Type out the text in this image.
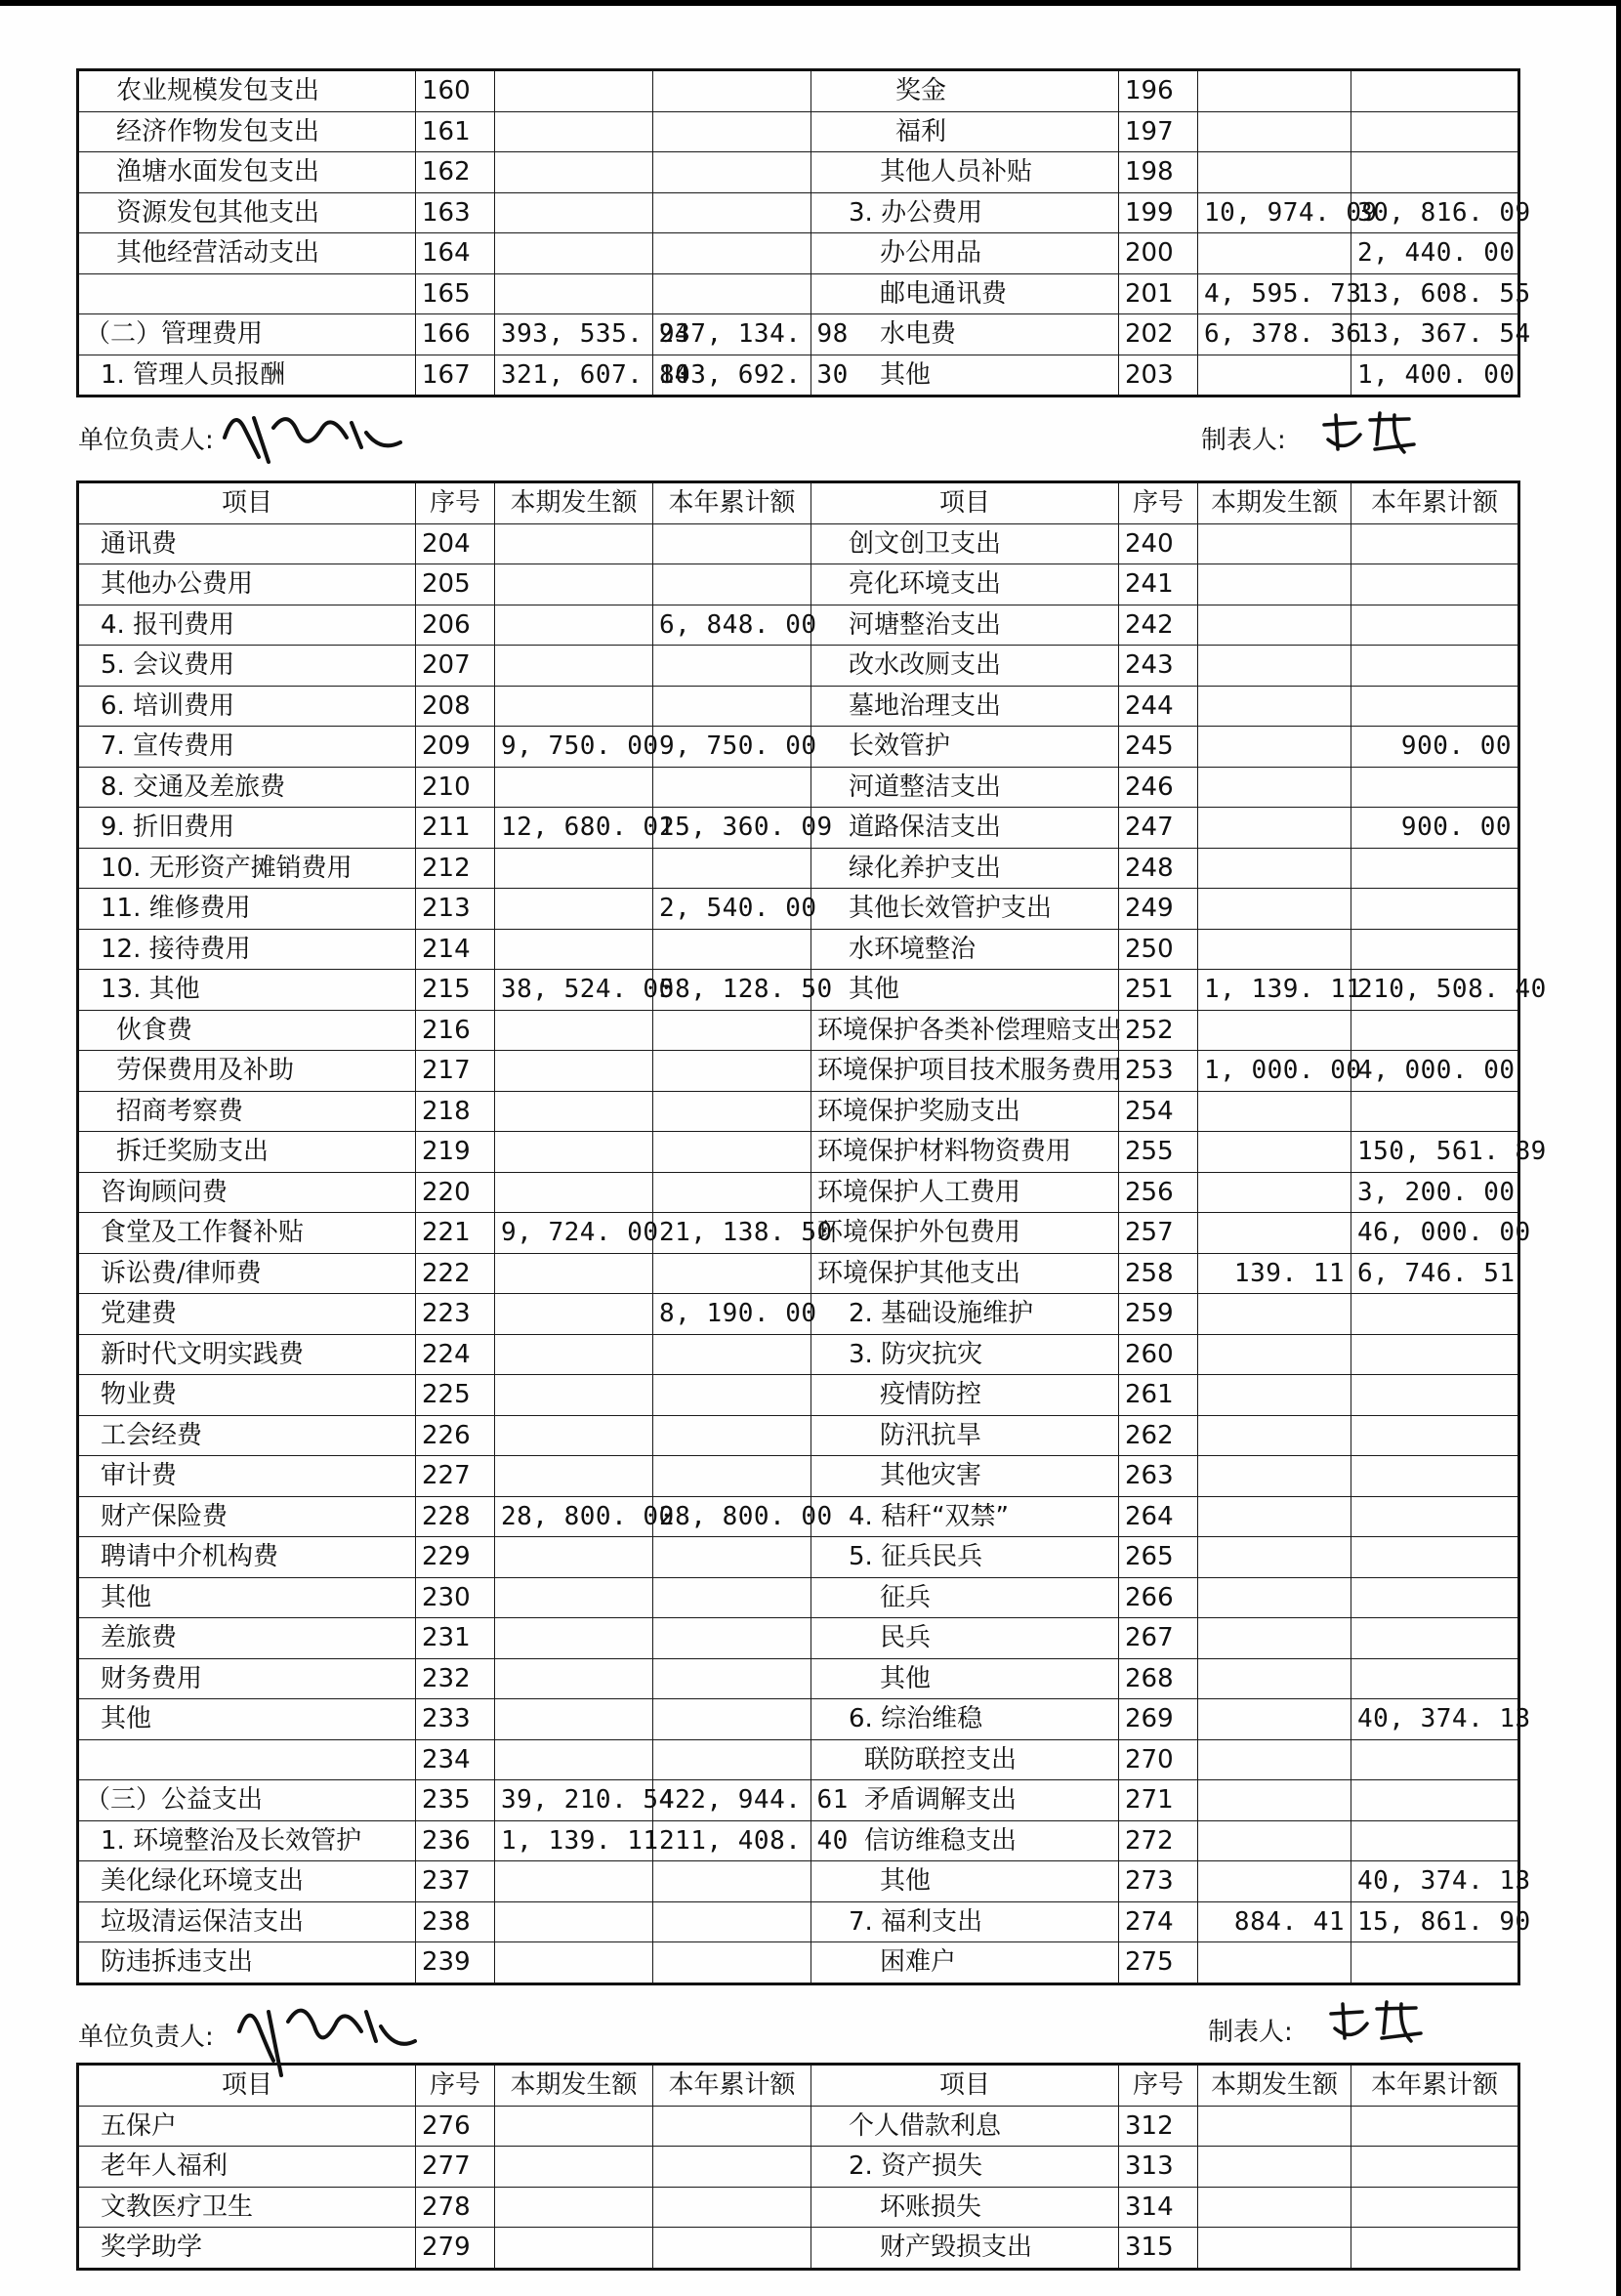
农业规模发包支出	160			奖金	196		
经济作物发包支出	161			福利	197		
渔塘水面发包支出	162			其他人员补贴	198		
资源发包其他支出	163			3. 办公费用	199	10, 974. 09	30, 816. 09
其他经营活动支出	164			办公用品	200		2, 440. 00
	165			邮电通讯费	201	4, 595. 73	13, 608. 55
（二）管理费用	166	393, 535. 24	937, 134. 98	水电费	202	6, 378. 36	13, 367. 54
1. 管理人员报酬	167	321, 607. 14	803, 692. 30	其他	203		1, 400. 00
单位负责人:	制表人:
项目	序号	本期发生额	本年累计额	项目	序号	本期发生额	本年累计额
通讯费	204			创文创卫支出	240		
其他办公费用	205			亮化环境支出	241		
4. 报刊费用	206		6, 848. 00	河塘整治支出	242		
5. 会议费用	207			改水改厕支出	243		
6. 培训费用	208			墓地治理支出	244		
7. 宣传费用	209	9, 750. 00	9, 750. 00	长效管护	245		900. 00
8. 交通及差旅费	210			河道整洁支出	246		
9. 折旧费用	211	12, 680. 01	25, 360. 09	道路保洁支出	247		900. 00
10. 无形资产摊销费用	212			绿化养护支出	248		
11. 维修费用	213		2, 540. 00	其他长效管护支出	249		
12. 接待费用	214			水环境整治	250		
13. 其他	215	38, 524. 00	58, 128. 50	其他	251	1, 139. 11	210, 508. 40
伙食费	216			环境保护各类补偿理赔支出	252		
劳保费用及补助	217			环境保护项目技术服务费用	253	1, 000. 00	4, 000. 00
招商考察费	218			环境保护奖励支出	254		
拆迁奖励支出	219			环境保护材料物资费用	255		150, 561. 89
咨询顾问费	220			环境保护人工费用	256		3, 200. 00
食堂及工作餐补贴	221	9, 724. 00	21, 138. 50	环境保护外包费用	257		46, 000. 00
诉讼费/律师费	222			环境保护其他支出	258	139. 11	6, 746. 51
党建费	223		8, 190. 00	2. 基础设施维护	259		
新时代文明实践费	224			3. 防灾抗灾	260		
物业费	225			疫情防控	261		
工会经费	226			防汛抗旱	262		
审计费	227			其他灾害	263		
财产保险费	228	28, 800. 00	28, 800. 00	4. 秸秆“双禁”	264		
聘请中介机构费	229			5. 征兵民兵	265		
其他	230			征兵	266		
差旅费	231			民兵	267		
财务费用	232			其他	268		
其他	233			6. 综治维稳	269		40, 374. 13
	234			联防联控支出	270		
（三）公益支出	235	39, 210. 54	422, 944. 61	矛盾调解支出	271		
1. 环境整治及长效管护	236	1, 139. 11	211, 408. 40	信访维稳支出	272		
美化绿化环境支出	237			其他	273		40, 374. 13
垃圾清运保洁支出	238			7. 福利支出	274	884. 41	15, 861. 90
防违拆违支出	239			困难户	275		
单位负责人:	制表人:
项目	序号	本期发生额	本年累计额	项目	序号	本期发生额	本年累计额
五保户	276			个人借款利息	312		
老年人福利	277			2. 资产损失	313		
文教医疗卫生	278			坏账损失	314		
奖学助学	279			财产毁损支出	315		
